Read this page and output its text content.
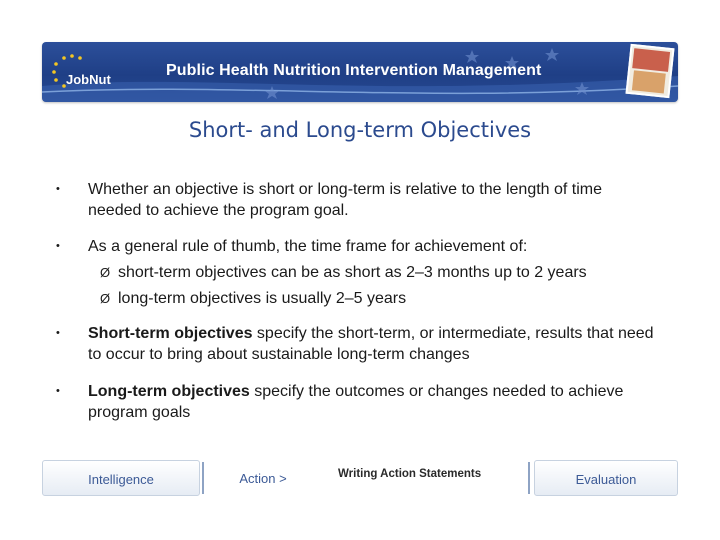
JobNut
Public Health Nutrition Intervention Management
Short- and Long-term Objectives
•	Whether an objective is short or long-term is relative to the length of time needed to achieve the program goal.
•	As a general rule of thumb, the time frame for achievement of:
Ø short-term objectives can be as short as 2–3 months up to 2 years
Ø long-term objectives is usually 2–5 years
•	Short-term objectives specify the short-term, or intermediate, results that need to occur to bring about sustainable long-term changes
•	Long-term objectives specify the outcomes or changes needed to achieve program goals
Intelligence	Action >	Writing Action Statements	Evaluation
